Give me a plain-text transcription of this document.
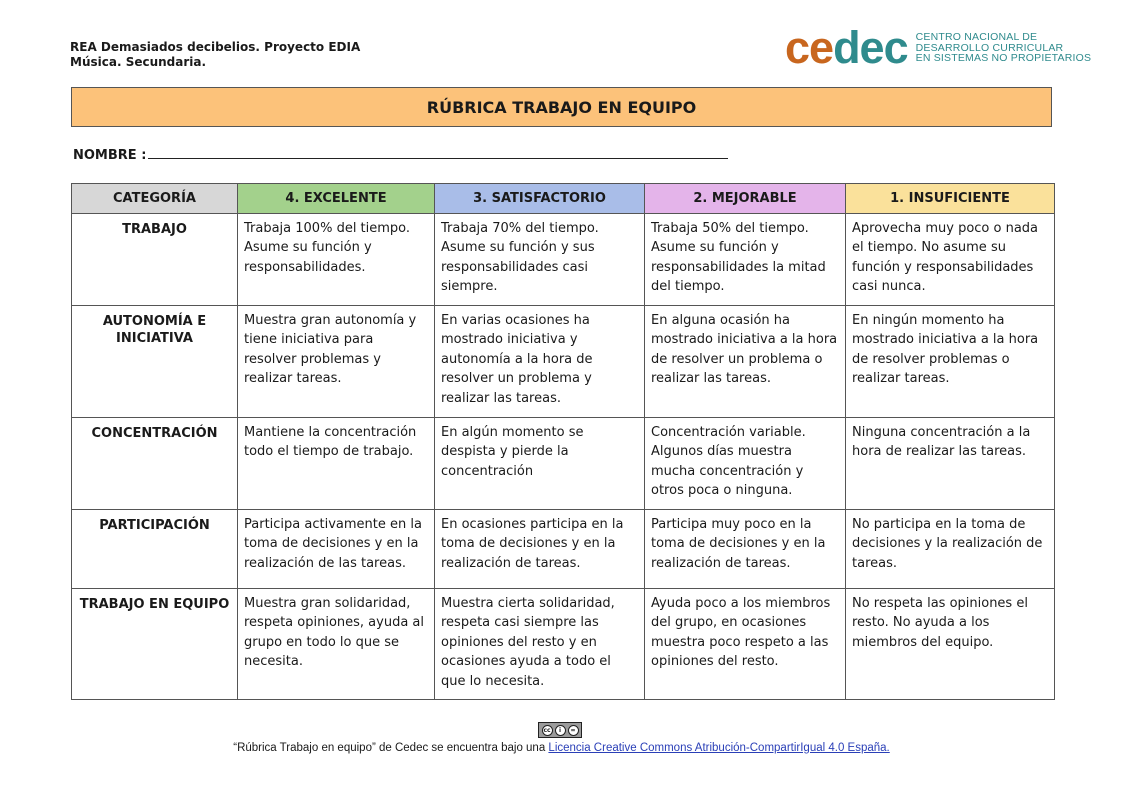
REA Demasiados decibelios. Proyecto EDIA
Música. Secundaria.	cedec CENTRO NACIONAL DE
DESARROLLO CURRICULAR
EN SISTEMAS NO PROPIETARIOS
RÚBRICA TRABAJO EN EQUIPO
NOMBRE :
CATEGORÍA	4. EXCELENTE	3. SATISFACTORIO	2. MEJORABLE	1. INSUFICIENTE
TRABAJO	Trabaja 100% del tiempo. Asume su función y responsabilidades.	Trabaja 70% del tiempo. Asume su función y sus responsabilidades casi siempre.	Trabaja 50% del tiempo. Asume su función y responsabilidades la mitad del tiempo.	Aprovecha muy poco o nada el tiempo. No asume su función y responsabilidades casi nunca.
AUTONOMÍA E INICIATIVA	Muestra gran autonomía y tiene iniciativa para resolver problemas y realizar tareas.	En varias ocasiones ha mostrado iniciativa y autonomía a la hora de resolver un problema y realizar las tareas.	En alguna ocasión ha mostrado iniciativa a la hora de resolver un problema o realizar las tareas.	En ningún momento ha mostrado iniciativa a la hora de resolver problemas o realizar tareas.
CONCENTRACIÓN	Mantiene la concentración todo el tiempo de trabajo.	En algún momento se despista y pierde la concentración	Concentración variable. Algunos días muestra mucha concentración y otros poca o ninguna.	Ninguna concentración a la hora de realizar las tareas.
PARTICIPACIÓN	Participa activamente en la toma de decisiones y en la realización de las tareas.	En ocasiones participa en la toma de decisiones y en la realización de tareas.	Participa muy poco en la toma de decisiones y en la realización de tareas.	No participa en la toma de decisiones y la realización de tareas.
TRABAJO EN EQUIPO	Muestra gran solidaridad, respeta opiniones, ayuda al grupo en todo lo que se necesita.	Muestra cierta solidaridad, respeta casi siempre las opiniones del resto y en ocasiones ayuda a todo el que lo necesita.	Ayuda poco a los miembros del grupo, en ocasiones muestra poco respeto a las opiniones del resto.	No respeta las opiniones el resto. No ayuda a los miembros del equipo.
cc	i	=
“Rúbrica Trabajo en equipo” de Cedec se encuentra bajo una Licencia Creative Commons Atribución-CompartirIgual 4.0 España.
